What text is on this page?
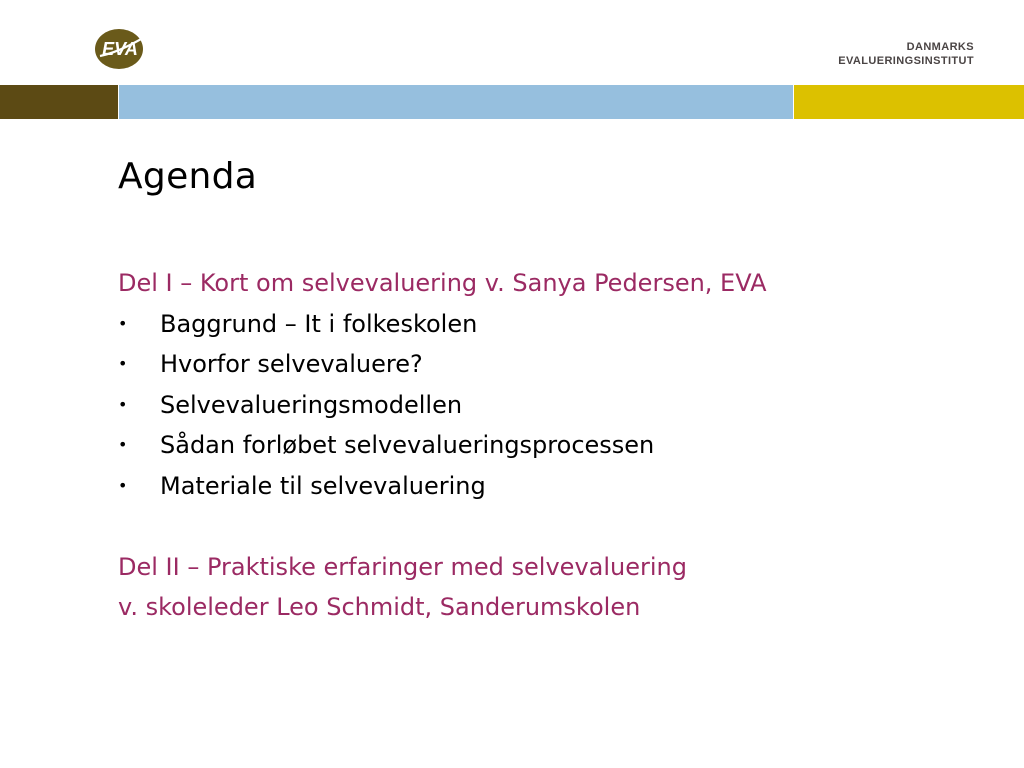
EVA	DANMARKS
EVALUERINGSINSTITUT
Agenda

Del I – Kort om selvevaluering v. Sanya Pedersen, EVA

• Baggrund – It i folkeskolen
• Hvorfor selvevaluere?
• Selvevalueringsmodellen
• Sådan forløbet selvevalueringsprocessen
• Materiale til selvevaluering

Del II – Praktiske erfaringer med selvevaluering

v. skoleleder Leo Schmidt, Sanderumskolen
